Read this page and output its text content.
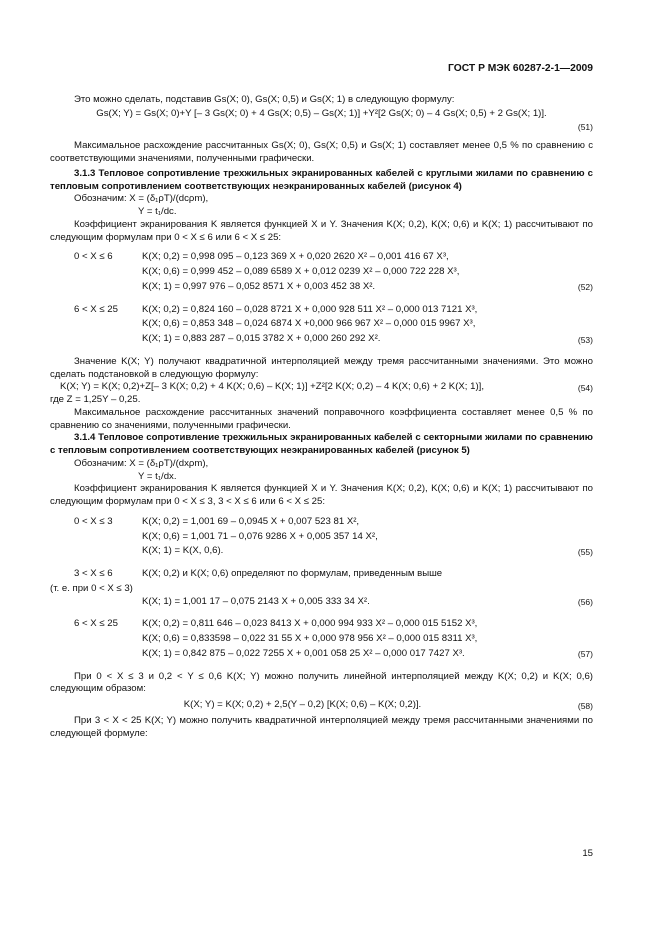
ГОСТ Р МЭК 60287-2-1—2009

Это можно сделать, подставив Gs(X; 0), Gs(X; 0,5) и Gs(X; 1) в следующую формулу:

Gs(X; Y) = Gs(X; 0)+Y [– 3 Gs(X; 0) + 4 Gs(X; 0,5) – Gs(X; 1)] +Y²[2 Gs(X; 0) – 4 Gs(X; 0,5) + 2 Gs(X; 1)].

(51)

Максимальное расхождение рассчитанных Gs(X; 0), Gs(X; 0,5) и Gs(X; 1) составляет менее 0,5 % по сравнению с соответствующими значениями, полученными графически.

3.1.3 Тепловое сопротивление трехжильных экранированных кабелей с круглыми жилами по сравнению с тепловым сопротивлением соответствующих неэкранированных кабелей (рисунок 4)

Обозначим: X = (δ₁ρT)/(dcρm),

Y = t₁/dc.

Коэффициент экранирования K является функцией X и Y. Значения K(X; 0,2), K(X; 0,6) и K(X; 1) рассчитывают по следующим формулам при 0 < X ≤ 6 или 6 < X ≤ 25:

0 < X ≤ 6	K(X; 0,2) = 0,998 095 – 0,123 369 X + 0,020 2620 X² – 0,001 416 67 X³,

K(X; 0,6) = 0,999 452 – 0,089 6589 X + 0,012 0239 X² – 0,000 722 228 X³,

K(X; 1) = 0,997 976 – 0,052 8571 X + 0,003 452 38 X².	(52)
6 < X ≤ 25	K(X; 0,2) = 0,824 160 – 0,028 8721 X + 0,000 928 511 X² – 0,000 013 7121 X³,

K(X; 0,6) = 0,853 348 – 0,024 6874 X +0,000 966 967 X² – 0,000 015 9967 X³,

K(X; 1) = 0,883 287 – 0,015 3782 X + 0,000 260 292 X².	(53)

Значение K(X; Y) получают квадратичной интерполяцией между тремя рассчитанными значениями. Это можно сделать подстановкой в следующую формулу:

K(X; Y) = K(X; 0,2)+Z[– 3 K(X; 0,2) + 4 K(X; 0,6) – K(X; 1)] +Z²[2 K(X; 0,2) – 4 K(X; 0,6) + 2 K(X; 1)],	(54)

где Z = 1,25Y – 0,25.

Максимальное расхождение рассчитанных значений поправочного коэффициента составляет менее 0,5 % по сравнению со значениями, полученными графически.

3.1.4 Тепловое сопротивление трехжильных экранированных кабелей с секторными жилами по сравнению с тепловым сопротивлением соответствующих неэкранированных кабелей (рисунок 5)

Обозначим: X = (δ₁ρT)/(dxρm),

Y = t₁/dx.

Коэффициент экранирования K является функцией X и Y. Значения K(X; 0,2), K(X; 0,6) и K(X; 1) рассчитывают по следующим формулам при 0 < X ≤ 3, 3 < X ≤ 6 или 6 < X ≤ 25:

0 < X ≤ 3	K(X; 0,2) = 1,001 69 – 0,0945 X + 0,007 523 81 X²,

K(X; 0,6) = 1,001 71 – 0,076 9286 X + 0,005 357 14 X²,

K(X; 1) = K(X, 0,6).	(55)
3 < X ≤ 6	K(X; 0,2) и K(X; 0,6) определяют по формулам, приведенным выше

(т. е. при 0 < X ≤ 3)

K(X; 1) = 1,001 17 – 0,075 2143 X + 0,005 333 34 X².	(56)
6 < X ≤ 25	K(X; 0,2) = 0,811 646 – 0,023 8413 X + 0,000 994 933 X² – 0,000 015 5152 X³,

K(X; 0,6) = 0,833598 – 0,022 31 55 X + 0,000 978 956 X² – 0,000 015 8311 X³,

K(X; 1) = 0,842 875 – 0,022 7255 X + 0,001 058 25 X² – 0,000 017 7427 X³.	(57)

При 0 < X ≤ 3 и 0,2 < Y ≤ 0,6 K(X; Y) можно получить линейной интерполяцией между K(X; 0,2) и K(X; 0,6) следующим образом:

K(X; Y) = K(X; 0,2) + 2,5(Y – 0,2) [K(X; 0,6) – K(X; 0,2)].	(58)

При 3 < X < 25 K(X; Y) можно получить квадратичной интерполяцией между тремя рассчитанными значениями по следующей формуле:

15
